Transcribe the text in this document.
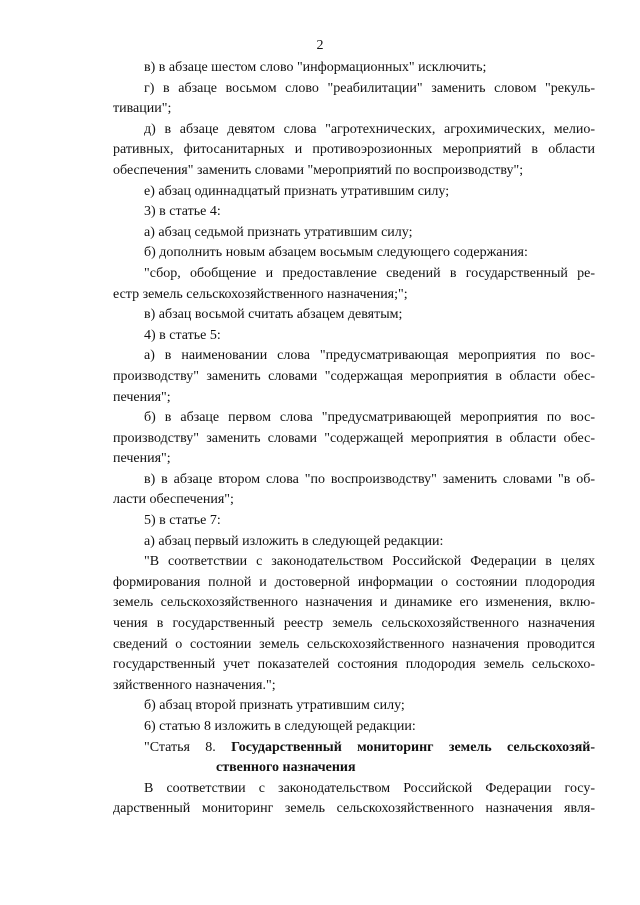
2

в) в абзаце шестом слово "информационных" исключить;

г) в абзаце восьмом слово "реабилитации" заменить словом "рекуль-

тивации";

д) в абзаце девятом слова "агротехнических, агрохимических, мелио-

ративных, фитосанитарных и противоэрозионных мероприятий в области

обеспечения" заменить словами "мероприятий по воспроизводству";

е) абзац одиннадцатый признать утратившим силу;

3) в статье 4:

а) абзац седьмой признать утратившим силу;

б) дополнить новым абзацем восьмым следующего содержания:

"сбор, обобщение и предоставление сведений в государственный ре-

естр земель сельскохозяйственного назначения;";

в) абзац восьмой считать абзацем девятым;

4) в статье 5:

а) в наименовании слова "предусматривающая мероприятия по вос-

производству" заменить словами "содержащая мероприятия в области обес-

печения";

б) в абзаце первом слова "предусматривающей мероприятия по вос-

производству" заменить словами "содержащей мероприятия в области обес-

печения";

в) в абзаце втором слова "по воспроизводству" заменить словами "в об-

ласти обеспечения";

5) в статье 7:

а) абзац первый изложить в следующей редакции:

"В соответствии с законодательством Российской Федерации в целях

формирования полной и достоверной информации о состоянии плодородия

земель сельскохозяйственного назначения и динамике его изменения, вклю-

чения в государственный реестр земель сельскохозяйственного назначения

сведений о состоянии земель сельскохозяйственного назначения проводится

государственный учет показателей состояния плодородия земель сельскохо-

зяйственного назначения.";

б) абзац второй признать утратившим силу;

6) статью 8 изложить в следующей редакции:

"Статья 8. Государственный мониторинг земель сельскохозяй-

ственного назначения

В соответствии с законодательством Российской Федерации госу-

дарственный мониторинг земель сельскохозяйственного назначения явля-
